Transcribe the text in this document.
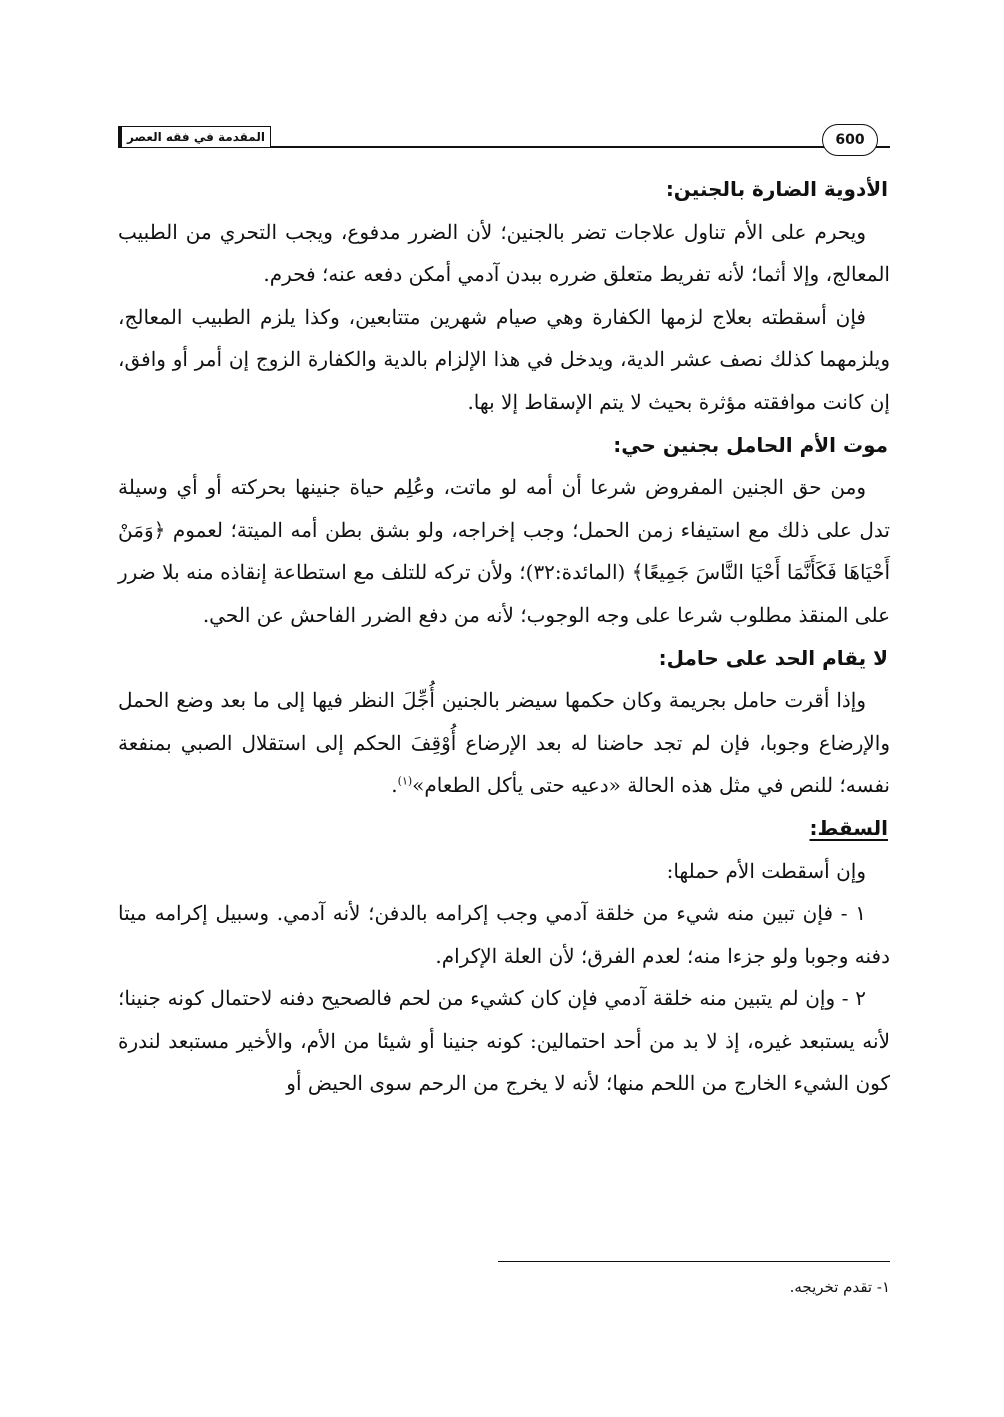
المقدمة في فقه العصر	600
الأدوية الضارة بالجنين:

ويحرم على الأم تناول علاجات تضر بالجنين؛ لأن الضرر مدفوع، ويجب التحري من الطبيب المعالج، وإلا أثما؛ لأنه تفريط متعلق ضرره ببدن آدمي أمكن دفعه عنه؛ فحرم.

فإن أسقطته بعلاج لزمها الكفارة وهي صيام شهرين متتابعين، وكذا يلزم الطبيب المعالج، ويلزمهما كذلك نصف عشر الدية، ويدخل في هذا الإلزام بالدية والكفارة الزوج إن أمر أو وافق، إن كانت موافقته مؤثرة بحيث لا يتم الإسقاط إلا بها.

موت الأم الحامل بجنين حي:

ومن حق الجنين المفروض شرعا أن أمه لو ماتت، وعُلِم حياة جنينها بحركته أو أي وسيلة تدل على ذلك مع استيفاء زمن الحمل؛ وجب إخراجه، ولو بشق بطن أمه الميتة؛ لعموم ﴿وَمَنْ أَحْيَاهَا فَكَأَنَّمَا أَحْيَا النَّاسَ جَمِيعًا﴾ (المائدة:٣٢)؛ ولأن تركه للتلف مع استطاعة إنقاذه منه بلا ضرر على المنقذ مطلوب شرعا على وجه الوجوب؛ لأنه من دفع الضرر الفاحش عن الحي.

لا يقام الحد على حامل:

وإذا أقرت حامل بجريمة وكان حكمها سيضر بالجنين أُجِّلَ النظر فيها إلى ما بعد وضع الحمل والإرضاع وجوبا، فإن لم تجد حاضنا له بعد الإرضاع أُوْقِفَ الحكم إلى استقلال الصبي بمنفعة نفسه؛ للنص في مثل هذه الحالة «دعيه حتى يأكل الطعام»$^{(١)}$.

السقط:

وإن أسقطت الأم حملها:

١ - فإن تبين منه شيء من خلقة آدمي وجب إكرامه بالدفن؛ لأنه آدمي. وسبيل إكرامه ميتا دفنه وجوبا ولو جزءا منه؛ لعدم الفرق؛ لأن العلة الإكرام.

٢ - وإن لم يتبين منه خلقة آدمي فإن كان كشيء من لحم فالصحيح دفنه لاحتمال كونه جنينا؛ لأنه يستبعد غيره، إذ لا بد من أحد احتمالين: كونه جنينا أو شيئا من الأم، والأخير مستبعد لندرة كون الشيء الخارج من اللحم منها؛ لأنه لا يخرج من الرحم سوى الحيض أو

١- تقدم تخريجه.
